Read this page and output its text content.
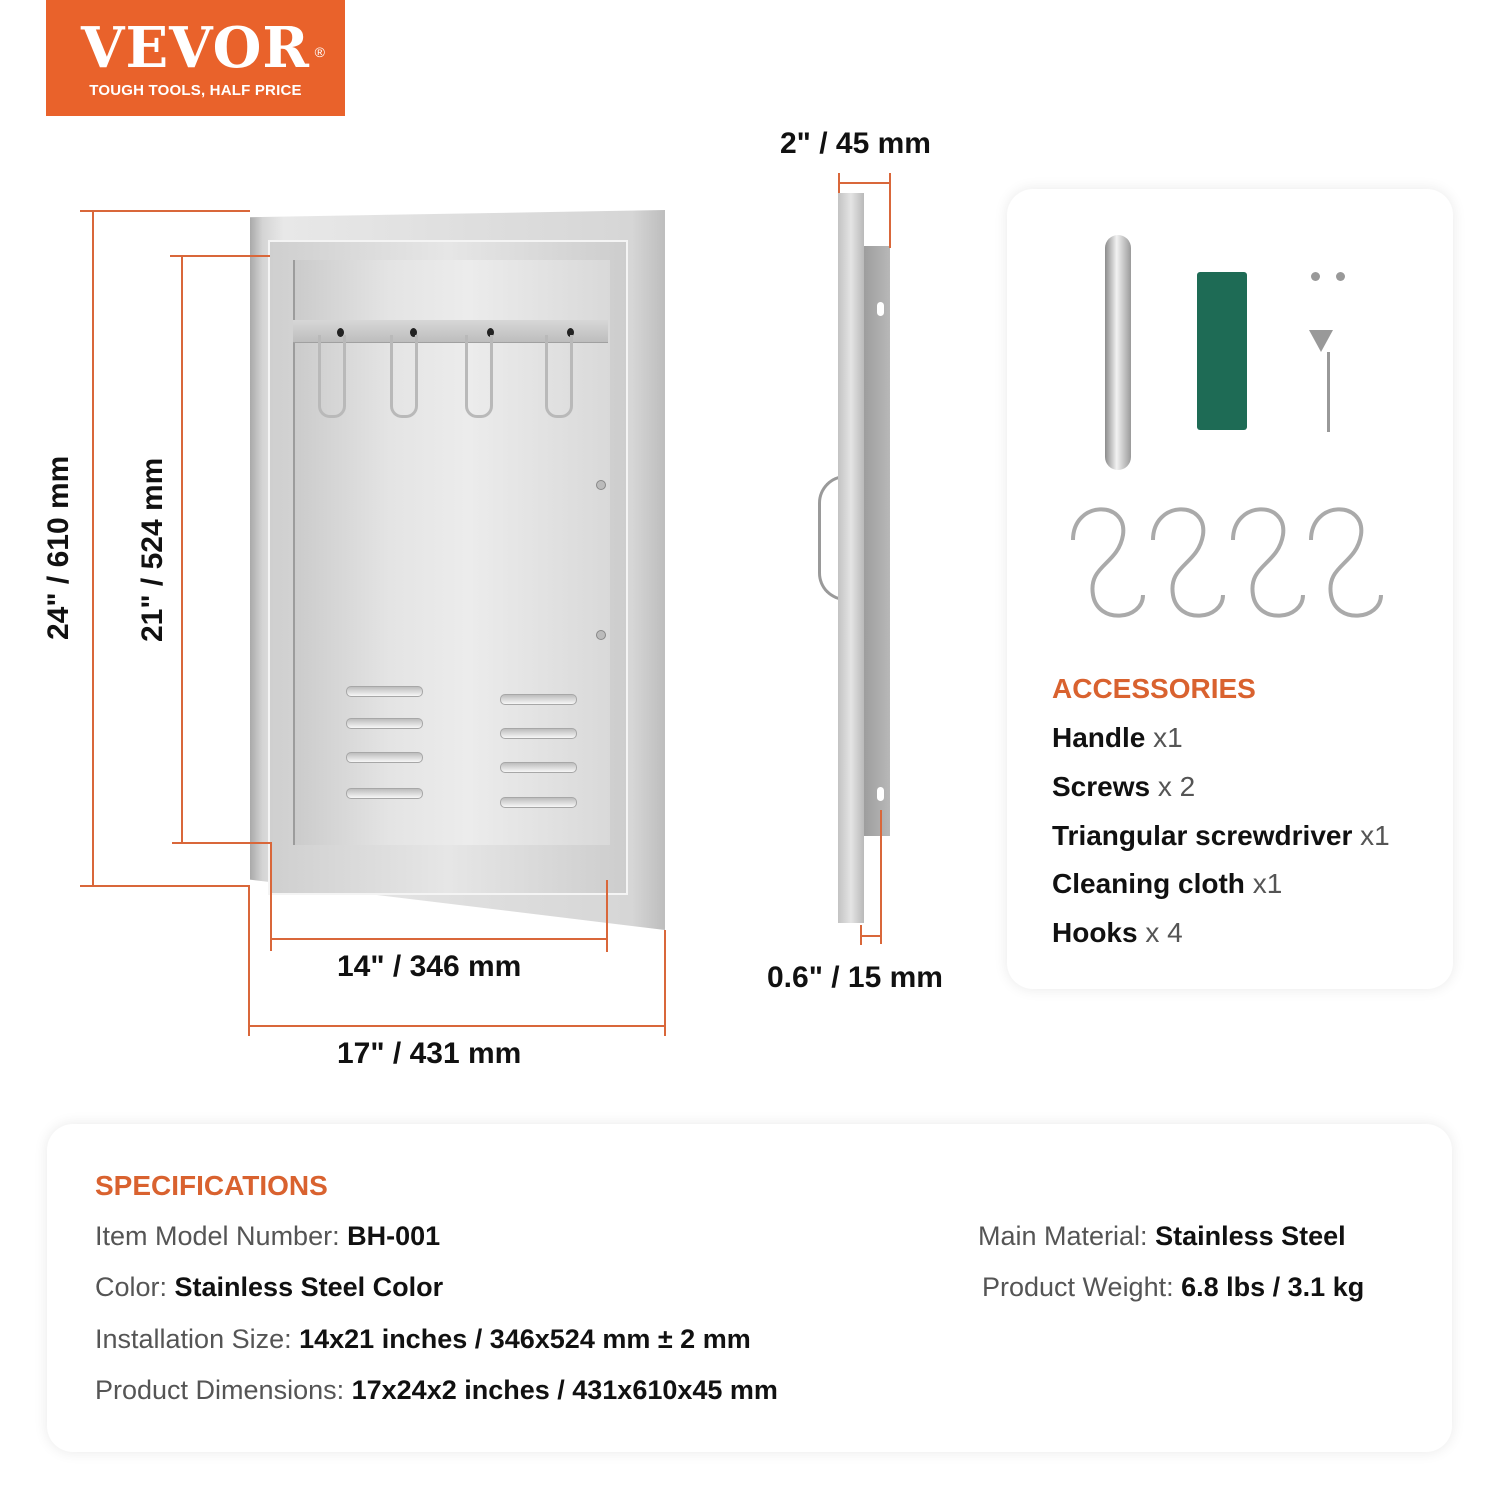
VEVOR ®
TOUGH TOOLS, HALF PRICE
24" / 610 mm 21" / 524 mm
14" / 346 mm
17" / 431 mm
2" / 45 mm
0.6" / 15 mm
ACCESSORIES
Handle x1
Screws x 2
Triangular screwdriver x1
Cleaning cloth x1
Hooks x 4
SPECIFICATIONS
Item Model Number: BH-001
Color: Stainless Steel Color
Installation Size: 14x21 inches / 346x524 mm ± 2 mm
Product Dimensions: 17x24x2 inches / 431x610x45 mm
Main Material: Stainless Steel
Product Weight: 6.8 lbs / 3.1 kg
